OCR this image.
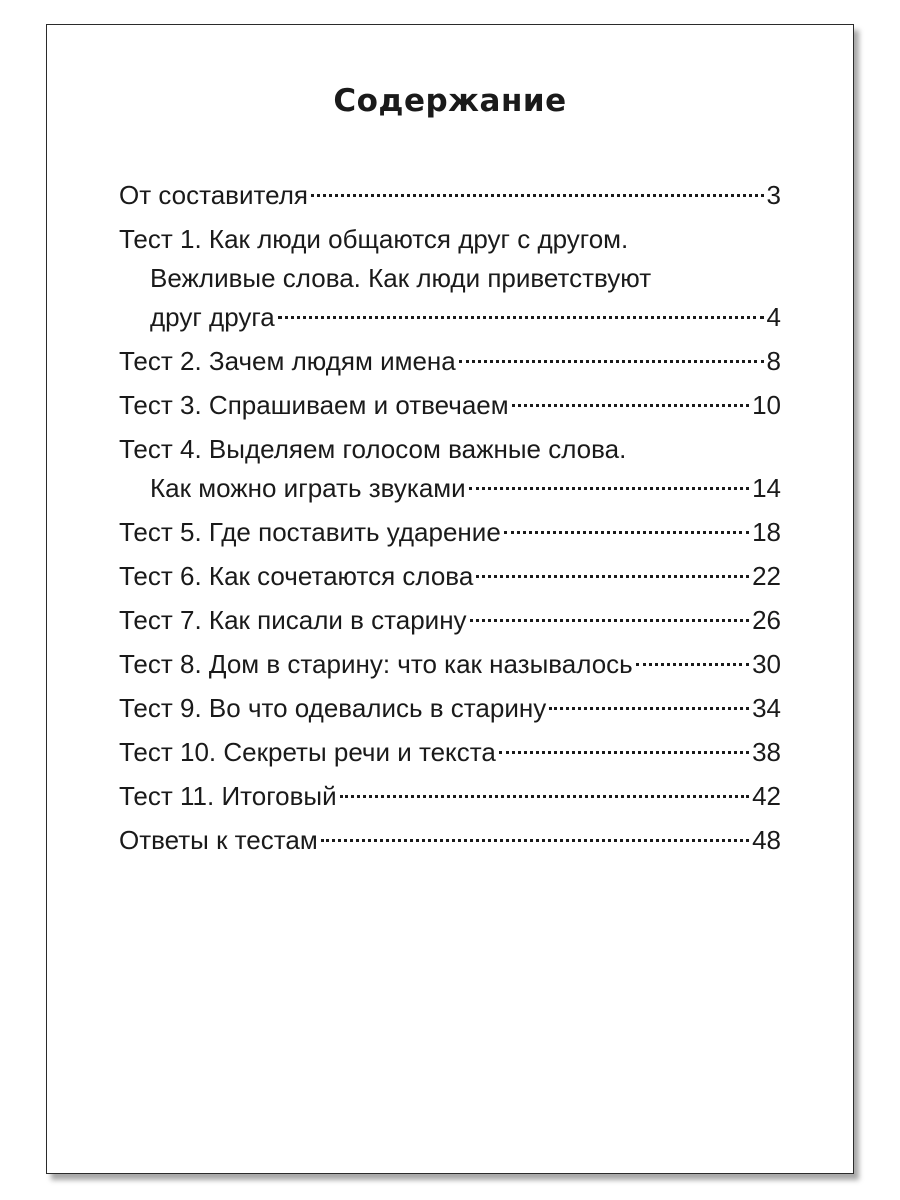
Содержание
От составителя	3
Тест 1. Как люди общаются друг с другом.
Вежливые слова. Как люди приветствуют
друг друга	4
Тест 2. Зачем людям имена	8
Тест 3. Спрашиваем и отвечаем	10
Тест 4. Выделяем голосом важные слова.
Как можно играть звуками	14
Тест 5. Где поставить ударение	18
Тест 6. Как сочетаются слова	22
Тест 7. Как писали в старину	26
Тест 8. Дом в старину: что как называлось	30
Тест 9. Во что одевались в старину	34
Тест 10. Секреты речи и текста	38
Тест 11. Итоговый	42
Ответы к тестам	48
